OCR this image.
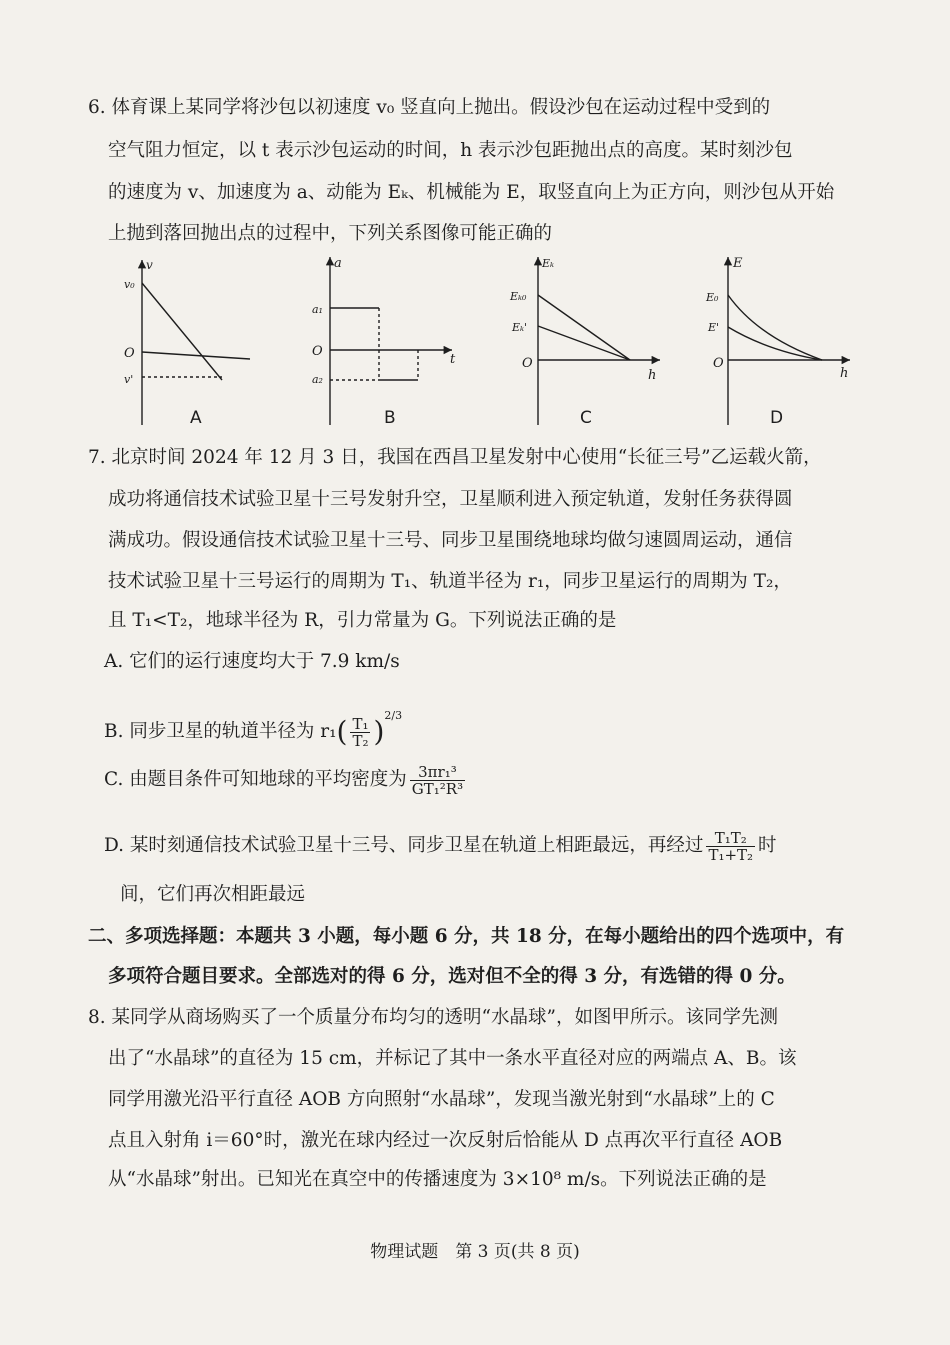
6. 体育课上某同学将沙包以初速度 v₀ 竖直向上抛出。假设沙包在运动过程中受到的
空气阻力恒定，以 t 表示沙包运动的时间，h 表示沙包距抛出点的高度。某时刻沙包
的速度为 v、加速度为 a、动能为 Eₖ、机械能为 E，取竖直向上为正方向，则沙包从开始
上抛到落回抛出点的过程中，下列关系图像可能正确的
v
v₀
O
v'
a
t
a₁
O
a₂
Eₖ
h
Eₖ₀
Eₖ'
O
E
h
E₀
E'
O
A	B	C	D
7. 北京时间 2024 年 12 月 3 日，我国在西昌卫星发射中心使用“长征三号”乙运载火箭，
成功将通信技术试验卫星十三号发射升空，卫星顺利进入预定轨道，发射任务获得圆
满成功。假设通信技术试验卫星十三号、同步卫星围绕地球均做匀速圆周运动，通信
技术试验卫星十三号运行的周期为 T₁、轨道半径为 r₁，同步卫星运行的周期为 T₂，
且 T₁<T₂，地球半径为 R，引力常量为 G。下列说法正确的是
A. 它们的运行速度均大于 7.9 km/s
B. 同步卫星的轨道半径为 $r_1( \frac{\text{T₁}}{\text{T₂}} )^{2/3}$
C. 由题目条件可知地球的平均密度为 $\frac{\text{3πr₁³}}{\text{GT₁²R³}}$
D. 某时刻通信技术试验卫星十三号、同步卫星在轨道上相距最远，再经过 $\frac{\text{T₁T₂}}{\text{T₁+T₂}}$ 时
间，它们再次相距最远
二、多项选择题：本题共 3 小题，每小题 6 分，共 18 分，在每小题给出的四个选项中，有
多项符合题目要求。全部选对的得 6 分，选对但不全的得 3 分，有选错的得 0 分。
8. 某同学从商场购买了一个质量分布均匀的透明“水晶球”，如图甲所示。该同学先测
出了“水晶球”的直径为 15 cm，并标记了其中一条水平直径对应的两端点 A、B。该
同学用激光沿平行直径 AOB 方向照射“水晶球”，发现当激光射到“水晶球”上的 C
点且入射角 i＝60°时，激光在球内经过一次反射后恰能从 D 点再次平行直径 AOB
从“水晶球”射出。已知光在真空中的传播速度为 3×10⁸ m/s。下列说法正确的是
物理试题　第 3 页(共 8 页)
